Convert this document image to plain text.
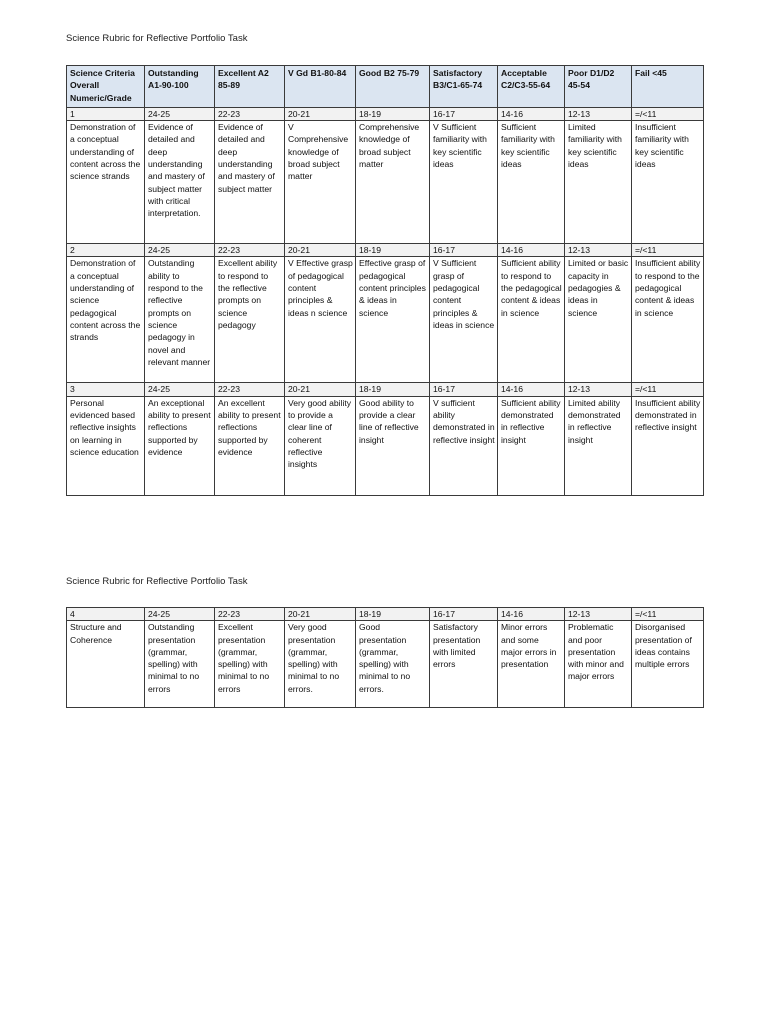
Science Rubric for Reflective Portfolio Task
Science Criteria Overall Numeric/Grade	Outstanding A1-90-100	Excellent A2 85-89	V Gd B1-80-84	Good B2 75-79	Satisfactory B3/C1-65-74	Acceptable C2/C3-55-64	Poor D1/D2 45-54	Fail <45
1	24-25	22-23	20-21	18-19	16-17	14-16	12-13	=/<11
Demonstration of a conceptual understanding of content across the science strands	Evidence of detailed and deep understanding and mastery of subject matter with critical interpretation.	Evidence of detailed and deep understanding and mastery of subject matter	V Comprehensive knowledge of broad subject matter	Comprehensive knowledge of broad subject matter	V Sufficient familiarity with key scientific ideas	Sufficient familiarity with key scientific ideas	Limited familiarity with key scientific ideas	Insufficient familiarity with key scientific ideas
2	24-25	22-23	20-21	18-19	16-17	14-16	12-13	=/<11
Demonstration of a conceptual understanding of science pedagogical content across the strands	Outstanding ability to respond to the reflective prompts on science pedagogy in novel and relevant manner	Excellent ability to respond to the reflective prompts on science pedagogy	V Effective grasp of pedagogical content principles & ideas n science	Effective grasp of pedagogical content principles & ideas in science	V Sufficient grasp of pedagogical content principles & ideas in science	Sufficient ability to respond to the pedagogical content & ideas in science	Limited or basic capacity in pedagogies & ideas in science	Insufficient ability to respond to the pedagogical content & ideas in science
3	24-25	22-23	20-21	18-19	16-17	14-16	12-13	=/<11
Personal evidenced based reflective insights on learning in science education	An exceptional ability to present reflections supported by evidence	An excellent ability to present reflections supported by evidence	Very good ability to provide a clear line of coherent reflective insights	Good ability to provide a clear line of reflective insight	V sufficient ability demonstrated in reflective insight	Sufficient ability demonstrated in reflective insight	Limited ability demonstrated in reflective insight	Insufficient ability demonstrated in reflective insight
Science Rubric for Reflective Portfolio Task
4	24-25	22-23	20-21	18-19	16-17	14-16	12-13	=/<11
Structure and Coherence	Outstanding presentation (grammar, spelling) with minimal to no errors	Excellent presentation (grammar, spelling) with minimal to no errors	Very good presentation (grammar, spelling) with minimal to no errors.	Good presentation (grammar, spelling) with minimal to no errors.	Satisfactory presentation with limited errors	Minor errors and some major errors in presentation	Problematic and poor presentation with minor and major errors	Disorganised presentation of ideas contains multiple errors
